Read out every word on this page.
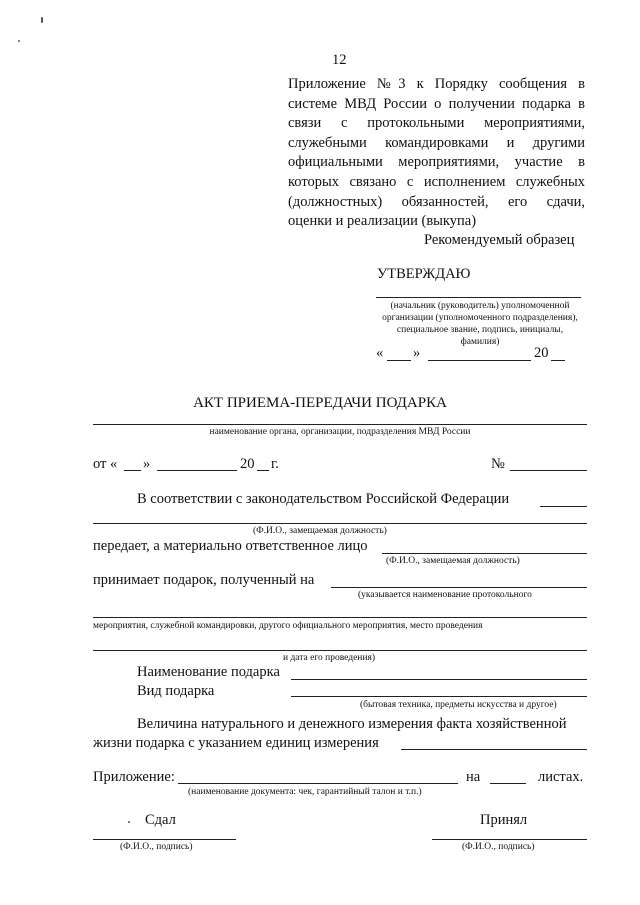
12

Приложение №3 к Порядку сообщения в

системе МВД России о получении подарка в

связи с протокольными мероприятиями,

служебными командировками и другими

официальными мероприятиями, участие в

которых связано с исполнением служебных

(должностных) обязанностей, его сдачи,

оценки и реализации (выкупа)

Рекомендуемый образец
УТВЕРЖДАЮ
(начальник (руководитель) уполномоченной
организации (уполномоченного подразделения),
специальное звание, подпись, инициалы,
фамилия)
« »	20
АКТ ПРИЕМА-ПЕРЕДАЧИ ПОДАРКА
наименование органа, организации, подразделения МВД России
от « »	20 г.	№
В соответствии с законодательством Российской Федерации
(Ф.И.О., замещаемая должность)
передает, а материально ответственное лицо
(Ф.И.О., замещаемая должность)
принимает подарок, полученный на
(указывается наименование протокольного
мероприятия, служебной командировки, другого официального мероприятия, место проведения
и дата его проведения)
Наименование подарка
Вид подарка
(бытовая техника, предметы искусства и другое)
Величина натурального и денежного измерения факта хозяйственной
жизни подарка с указанием единиц измерения
Приложение:	на	листах.
(наименование документа: чек, гарантийный талон и т.п.)
Сдал	Принял
(Ф.И.О., подпись)	(Ф.И.О., подпись)
